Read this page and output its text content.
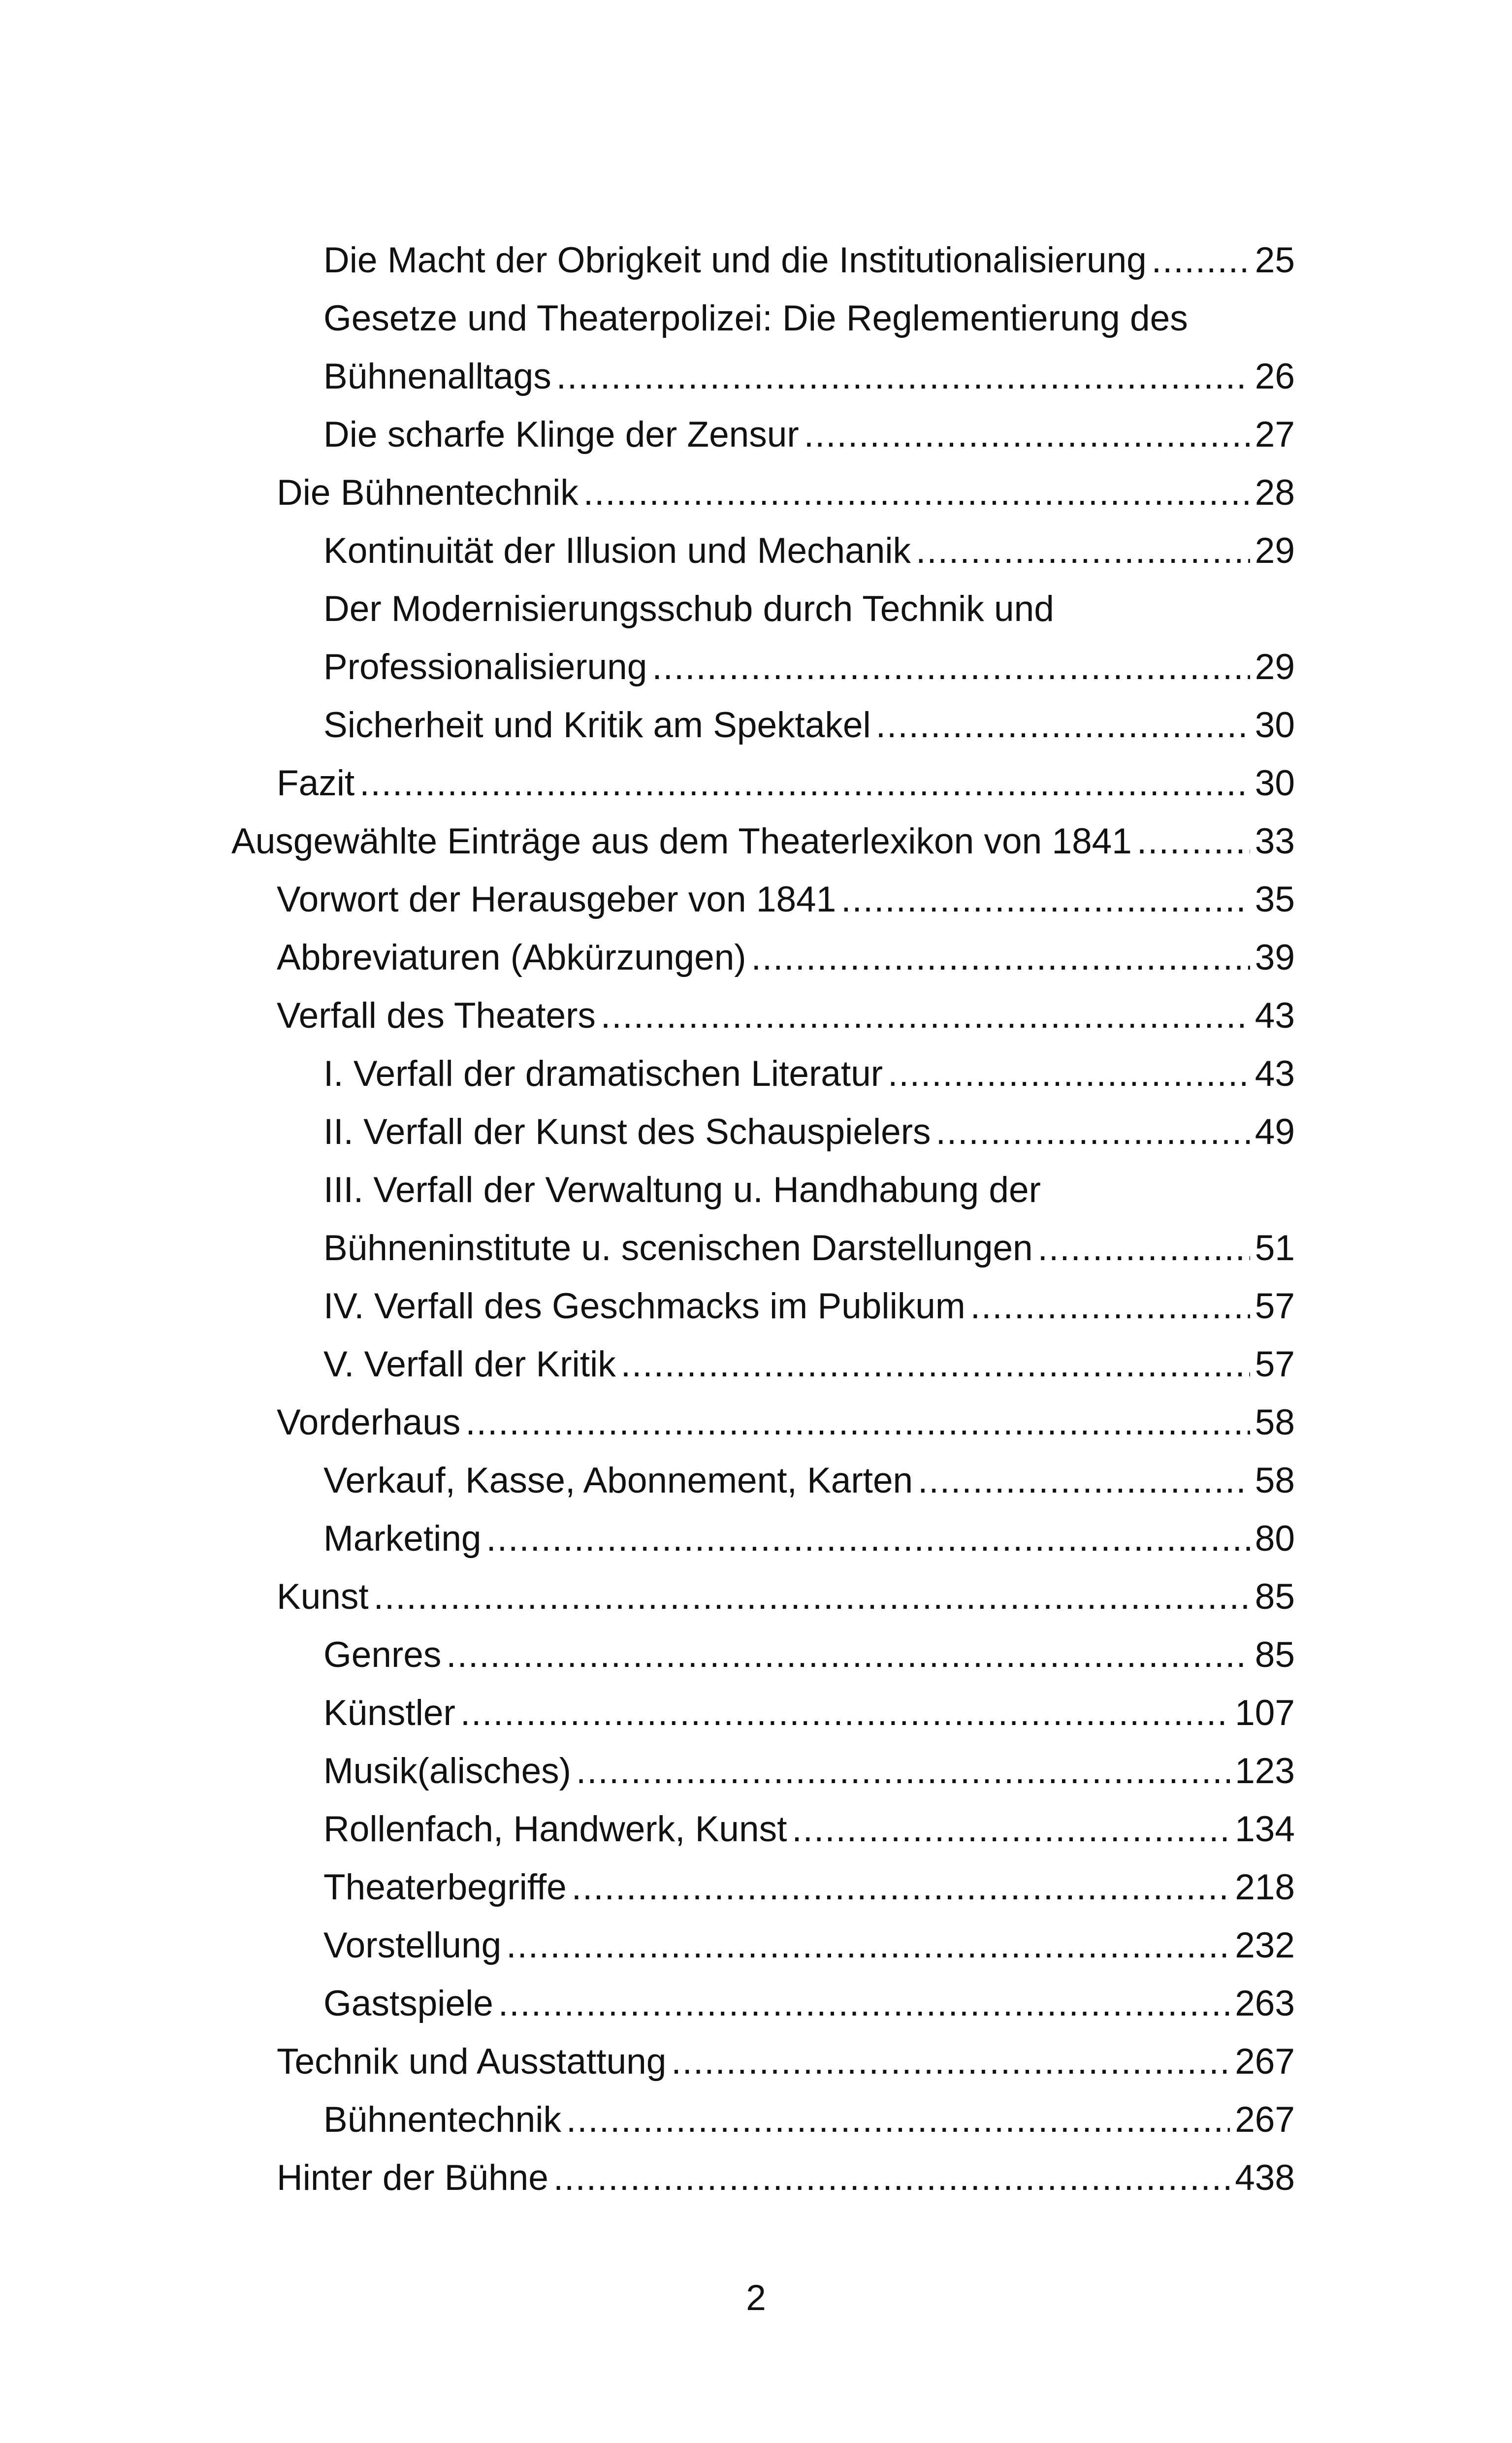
Die Macht der Obrigkeit und die Institutionalisierung .....	25
Gesetze und Theaterpolizei: Die Reglementierung des
Bühnenalltags .....	26
Die scharfe Klinge der Zensur .....	27
Die Bühnentechnik .....	28
Kontinuität der Illusion und Mechanik .....	29
Der Modernisierungsschub durch Technik und
Professionalisierung .....	29
Sicherheit und Kritik am Spektakel .....	30
Fazit .....	30
Ausgewählte Einträge aus dem Theaterlexikon von 1841 .....	33
Vorwort der Herausgeber von 1841 .....	35
Abbreviaturen (Abkürzungen) .....	39
Verfall des Theaters .....	43
I. Verfall der dramatischen Literatur .....	43
II. Verfall der Kunst des Schauspielers .....	49
III. Verfall der Verwaltung u. Handhabung der
Bühneninstitute u. scenischen Darstellungen .....	51
IV. Verfall des Geschmacks im Publikum .....	57
V. Verfall der Kritik .....	57
Vorderhaus .....	58
Verkauf, Kasse, Abonnement, Karten .....	58
Marketing .....	80
Kunst .....	85
Genres .....	85
Künstler .....	107
Musik(alisches) .....	123
Rollenfach, Handwerk, Kunst .....	134
Theaterbegriffe .....	218
Vorstellung .....	232
Gastspiele .....	263
Technik und Ausstattung .....	267
Bühnentechnik .....	267
Hinter der Bühne .....	438
2
